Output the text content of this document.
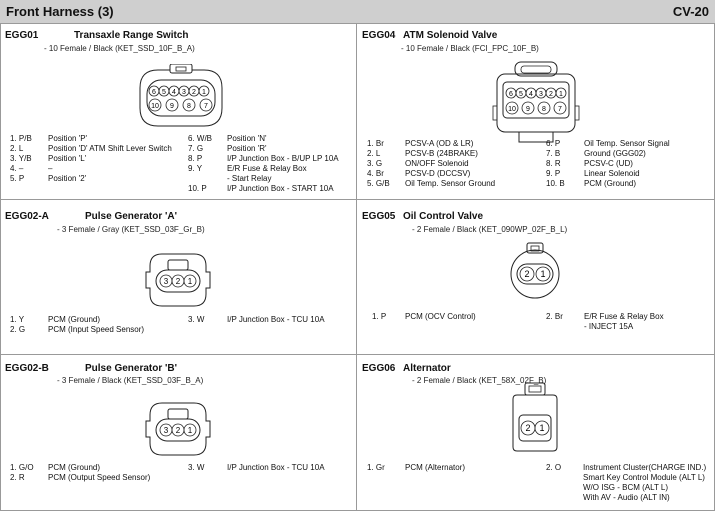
Front Harness (3)	CV-20
EGG01	Transaxle Range Switch
- 10 Female / Black (KET_SSD_10F_B_A)
6 5 4 3 2 1
10 9 8 7
1. P/B Position 'P'
2. L	Position 'D' ATM Shift Lever Switch
3. Y/B Position 'L'
4. –	–
5. P	Position '2'
6. W/B Position 'N'
7. G	Position 'R'
8. P	I/P Junction Box - B/UP LP 10A
9. Y	E/R Fuse & Relay Box
- Start Relay
10. P	I/P Junction Box - START 10A
EGG04 ATM Solenoid Valve
- 10 Female / Black (FCI_FPC_10F_B)
6 5 4 3 2 1
10 9 8 7
1. Br	PCSV-A (OD & LR)
2. L	PCSV-B (24BRAKE)
3. G	ON/OFF Solenoid
4. Br	PCSV-D (DCCSV)
5. G/B Oil Temp. Sensor Ground
6. P	Oil Temp. Sensor Signal
7. B	Ground (GGG02)
8. R	PCSV-C (UD)
9. P	Linear Solenoid
10. B PCM (Ground)
EGG02-A	Pulse Generator 'A'
- 3 Female / Gray (KET_SSD_03F_Gr_B)
3 2 1
1. Y	PCM (Ground)
2. G	PCM (Input Speed Sensor)
3. W	I/P Junction Box - TCU 10A
EGG05 Oil Control Valve
- 2 Female / Black (KET_090WP_02F_B_L)
2 1
1. P PCM (OCV Control)	2. Br	E/R Fuse & Relay Box
- INJECT 15A
EGG02-B	Pulse Generator 'B'
- 3 Female / Black (KET_SSD_03F_B_A)
3 2 1
1. G/O PCM (Ground)
2. R	PCM (Output Speed Sensor)
3. W	I/P Junction Box - TCU 10A
EGG06 Alternator
- 2 Female / Black (KET_58X_02F_B)
2 1
1. Gr	PCM (Alternator)	2. O	Instrument Cluster(CHARGE IND.)
Smart Key Control Module (ALT L)
W/O ISG - BCM (ALT L)
With AV - Audio (ALT IN)
